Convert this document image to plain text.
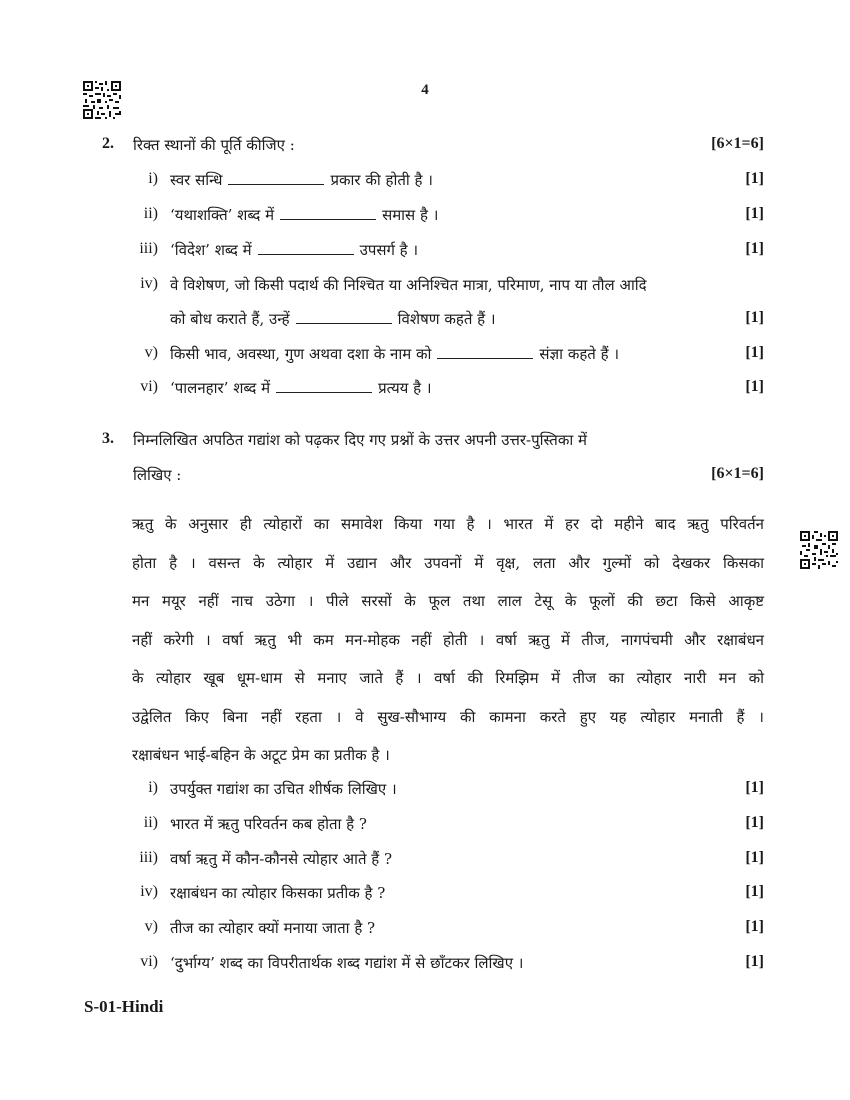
4
2. रिक्त स्थानों की पूर्ति कीजिए :	[6×1=6]
i) स्वर सन्धि	प्रकार की होती है ।	[1]
ii) ‘यथाशक्ति’ शब्द में	समास है ।	[1]
iii) ‘विदेश’ शब्द में	उपसर्ग है ।	[1]
iv) वे विशेषण, जो किसी पदार्थ की निश्चित या अनिश्चित मात्रा, परिमाण, नाप या तौल आदि
को बोध कराते हैं, उन्हें	विशेषण कहते हैं ।	[1]
v) किसी भाव, अवस्था, गुण अथवा दशा के नाम को	संज्ञा कहते हैं ।	[1]
vi) ‘पालनहार’ शब्द में	प्रत्यय है ।	[1]
3. निम्नलिखित अपठित गद्यांश को पढ़कर दिए गए प्रश्नों के उत्तर अपनी उत्तर-पुस्तिका में
लिखिए :	[6×1=6]
ऋतु के अनुसार ही त्योहारों का समावेश किया गया है । भारत में हर दो महीने बाद ऋतु परिवर्तन
होता है । वसन्त के त्योहार में उद्यान और उपवनों में वृक्ष, लता और गुल्मों को देखकर किसका
मन मयूर नहीं नाच उठेगा । पीले सरसों के फूल तथा लाल टेसू के फूलों की छटा किसे आकृष्ट
नहीं करेगी । वर्षा ऋतु भी कम मन-मोहक नहीं होती । वर्षा ऋतु में तीज, नागपंचमी और रक्षाबंधन
के त्योहार खूब धूम-धाम से मनाए जाते हैं । वर्षा की रिमझिम में तीज का त्योहार नारी मन को
उद्वेलित किए बिना नहीं रहता । वे सुख-सौभाग्य की कामना करते हुए यह त्योहार मनाती हैं ।
रक्षाबंधन भाई-बहिन के अटूट प्रेम का प्रतीक है ।
i) उपर्युक्त गद्यांश का उचित शीर्षक लिखिए ।	[1]
ii) भारत में ऋतु परिवर्तन कब होता है ?	[1]
iii) वर्षा ऋतु में कौन-कौनसे त्योहार आते हैं ?	[1]
iv) रक्षाबंधन का त्योहार किसका प्रतीक है ?	[1]
v) तीज का त्योहार क्यों मनाया जाता है ?	[1]
vi) ‘दुर्भाग्य’ शब्द का विपरीतार्थक शब्द गद्यांश में से छाँटकर लिखिए ।	[1]
S-01-Hindi
